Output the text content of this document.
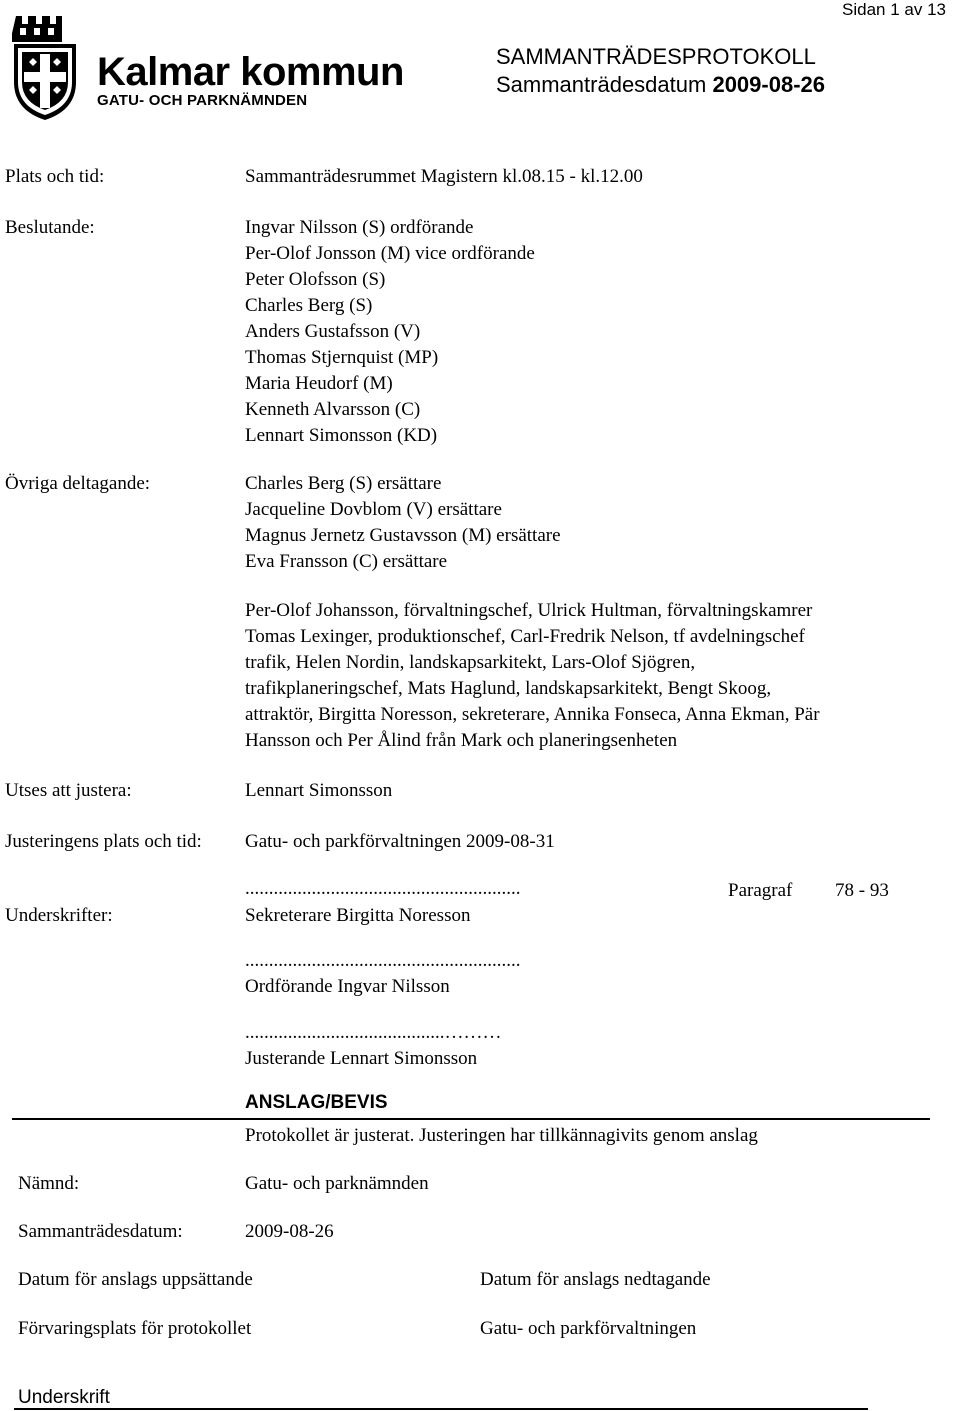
Sidan 1 av 13
Kalmar kommun
GATU- OCH PARKNÄMNDEN
SAMMANTRÄDESPROTOKOLL
Sammanträdesdatum 2009-08-26
Plats och tid:	Sammanträdesrummet Magistern kl.08.15 - kl.12.00
Beslutande:	Ingvar Nilsson (S) ordförande
Per-Olof Jonsson (M) vice ordförande
Peter Olofsson (S)
Charles Berg (S)
Anders Gustafsson (V)
Thomas Stjernquist (MP)
Maria Heudorf (M)
Kenneth Alvarsson (C)
Lennart Simonsson (KD)
Övriga deltagande:	Charles Berg (S) ersättare
Jacqueline Dovblom (V) ersättare
Magnus Jernetz Gustavsson (M) ersättare
Eva Fransson (C) ersättare
Per-Olof Johansson, förvaltningschef, Ulrick Hultman, förvaltningskamrer
Tomas Lexinger, produktionschef, Carl-Fredrik Nelson, tf avdelningschef
trafik, Helen Nordin, landskapsarkitekt, Lars-Olof Sjögren,
trafikplaneringschef, Mats Haglund, landskapsarkitekt, Bengt Skoog,
attraktör, Birgitta Noresson, sekreterare, Annika Fonseca, Anna Ekman, Pär
Hansson och Per Ålind från Mark och planeringsenheten
Utses att justera:	Lennart Simonsson
Justeringens plats och tid: Gatu- och parkförvaltningen 2009-08-31
..........................................................	Paragraf 78 - 93
Underskrifter:	Sekreterare Birgitta Noresson
..........................................................
Ordförande Ingvar Nilsson
..........................................………
Justerande Lennart Simonsson
ANSLAG/BEVIS
Protokollet är justerat. Justeringen har tillkännagivits genom anslag
Nämnd:	Gatu- och parknämnden
Sammanträdesdatum:	2009-08-26
Datum för anslags uppsättande	Datum för anslags nedtagande
Förvaringsplats för protokollet	Gatu- och parkförvaltningen
Underskrift
